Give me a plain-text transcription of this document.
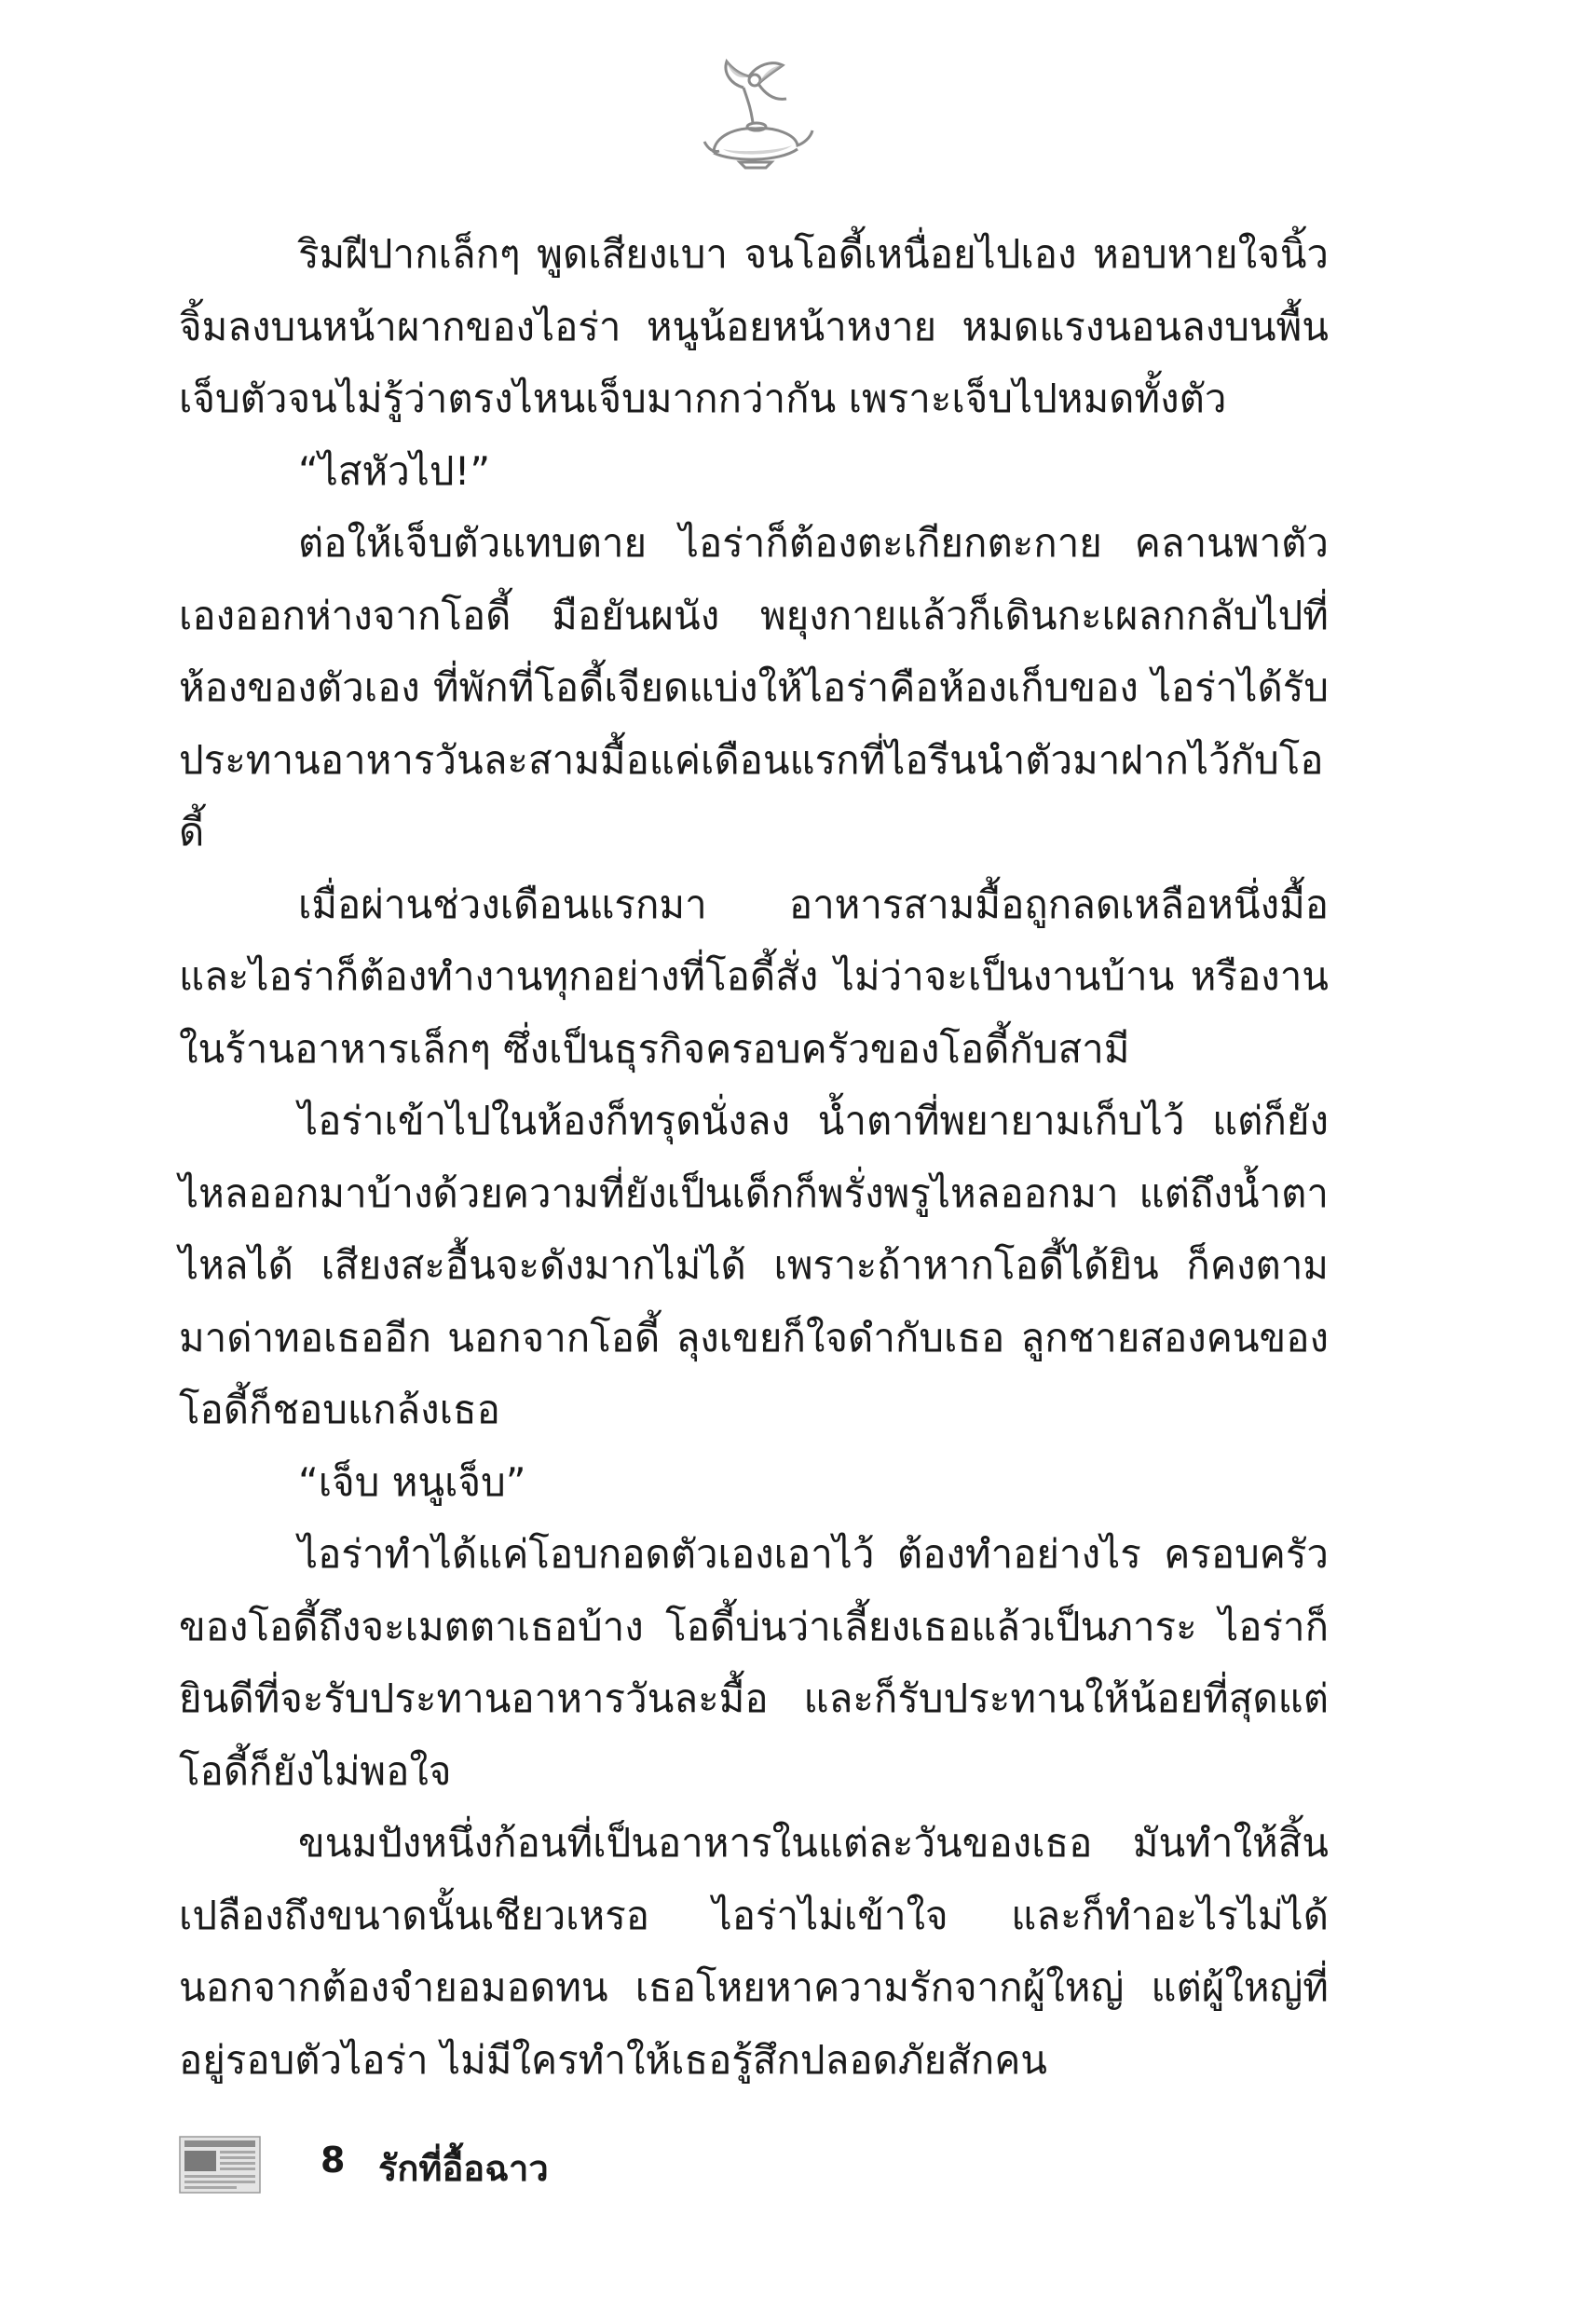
ริมฝีปากเล็กๆ พูดเสียงเบา จนโอดี้เหนื่อยไปเอง หอบหายใจนิ้วจิ้มลงบนหน้าผากของไอร่า หนูน้อยหน้าหงาย หมดแรงนอนลงบนพื้น เจ็บตัวจนไม่รู้ว่าตรงไหนเจ็บมากกว่ากัน เพราะเจ็บไปหมดทั้งตัว

“ไสหัวไป!”

ต่อให้เจ็บตัวแทบตาย ไอร่าก็ต้องตะเกียกตะกาย คลานพาตัวเองออกห่างจากโอดี้ มือยันผนัง พยุงกายแล้วก็เดินกะเผลกกลับไปที่ห้องของตัวเอง ที่พักที่โอดี้เจียดแบ่งให้ไอร่าคือห้องเก็บของ ไอร่าได้รับประทานอาหารวันละสามมื้อแค่เดือนแรกที่ไอรีนนำตัวมาฝากไว้กับโอดี้

เมื่อผ่านช่วงเดือนแรกมา อาหารสามมื้อถูกลดเหลือหนึ่งมื้อและไอร่าก็ต้องทำงานทุกอย่างที่โอดี้สั่ง ไม่ว่าจะเป็นงานบ้าน หรืองานในร้านอาหารเล็กๆ ซึ่งเป็นธุรกิจครอบครัวของโอดี้กับสามี

ไอร่าเข้าไปในห้องก็ทรุดนั่งลง น้ำตาที่พยายามเก็บไว้ แต่ก็ยังไหลออกมาบ้างด้วยความที่ยังเป็นเด็กก็พรั่งพรูไหลออกมา แต่ถึงน้ำตาไหลได้ เสียงสะอื้นจะดังมากไม่ได้ เพราะถ้าหากโอดี้ได้ยิน ก็คงตามมาด่าทอเธออีก นอกจากโอดี้ ลุงเขยก็ใจดำกับเธอ ลูกชายสองคนของโอดี้ก็ชอบแกล้งเธอ

“เจ็บ หนูเจ็บ”

ไอร่าทำได้แค่โอบกอดตัวเองเอาไว้ ต้องทำอย่างไร ครอบครัวของโอดี้ถึงจะเมตตาเธอบ้าง โอดี้บ่นว่าเลี้ยงเธอแล้วเป็นภาระ ไอร่าก็ยินดีที่จะรับประทานอาหารวันละมื้อ และก็รับประทานให้น้อยที่สุดแต่โอดี้ก็ยังไม่พอใจ

ขนมปังหนึ่งก้อนที่เป็นอาหารในแต่ละวันของเธอ มันทำให้สิ้นเปลืองถึงขนาดนั้นเชียวเหรอ ไอร่าไม่เข้าใจ และก็ทำอะไรไม่ได้นอกจากต้องจำยอมอดทน เธอโหยหาความรักจากผู้ใหญ่ แต่ผู้ใหญ่ที่อยู่รอบตัวไอร่า ไม่มีใครทำให้เธอรู้สึกปลอดภัยสักคน

8 รักที่อื้อฉาว
